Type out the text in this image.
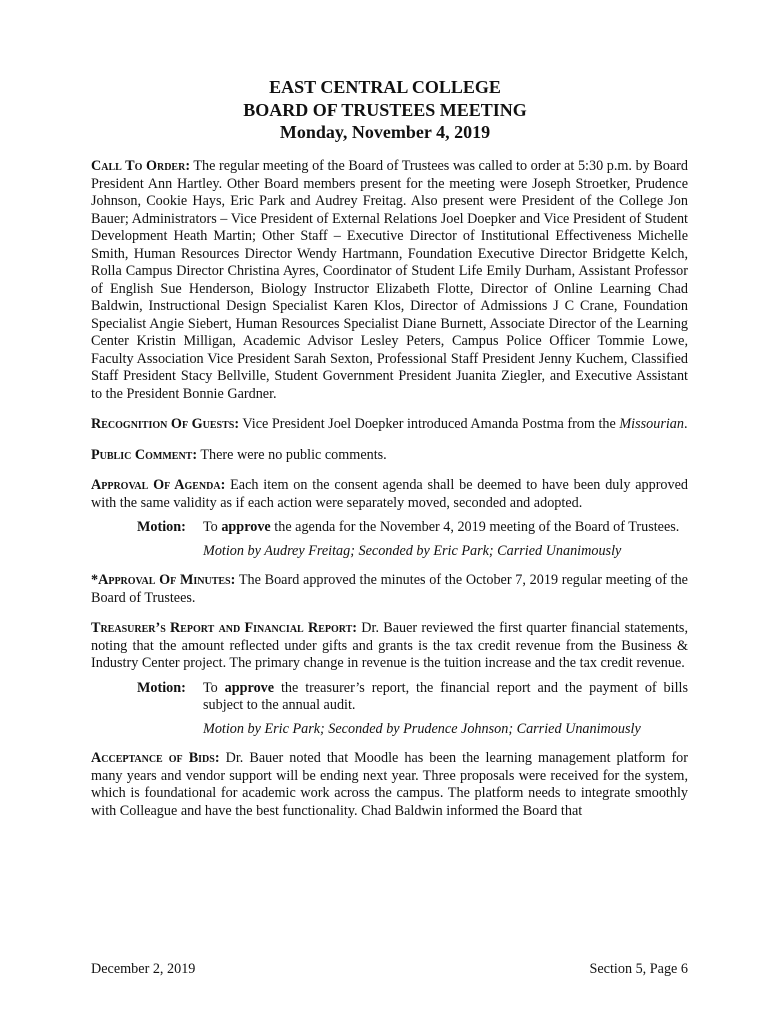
EAST CENTRAL COLLEGE
BOARD OF TRUSTEES MEETING
Monday, November 4, 2019

Call To Order: The regular meeting of the Board of Trustees was called to order at 5:30 p.m. by Board President Ann Hartley. Other Board members present for the meeting were Joseph Stroetker, Prudence Johnson, Cookie Hays, Eric Park and Audrey Freitag. Also present were President of the College Jon Bauer; Administrators – Vice President of External Relations Joel Doepker and Vice President of Student Development Heath Martin; Other Staff – Executive Director of Institutional Effectiveness Michelle Smith, Human Resources Director Wendy Hartmann, Foundation Executive Director Bridgette Kelch, Rolla Campus Director Christina Ayres, Coordinator of Student Life Emily Durham, Assistant Professor of English Sue Henderson, Biology Instructor Elizabeth Flotte, Director of Online Learning Chad Baldwin, Instructional Design Specialist Karen Klos, Director of Admissions J C Crane, Foundation Specialist Angie Siebert, Human Resources Specialist Diane Burnett, Associate Director of the Learning Center Kristin Milligan, Academic Advisor Lesley Peters, Campus Police Officer Tommie Lowe, Faculty Association Vice President Sarah Sexton, Professional Staff President Jenny Kuchem, Classified Staff President Stacy Bellville, Student Government President Juanita Ziegler, and Executive Assistant to the President Bonnie Gardner.

Recognition Of Guests: Vice President Joel Doepker introduced Amanda Postma from the Missourian.

Public Comment: There were no public comments.

Approval Of Agenda: Each item on the consent agenda shall be deemed to have been duly approved with the same validity as if each action were separately moved, seconded and adopted.

Motion: To approve the agenda for the November 4, 2019 meeting of the Board of Trustees.
Motion by Audrey Freitag; Seconded by Eric Park; Carried Unanimously

*Approval Of Minutes: The Board approved the minutes of the October 7, 2019 regular meeting of the Board of Trustees.

Treasurer’s Report and Financial Report: Dr. Bauer reviewed the first quarter financial statements, noting that the amount reflected under gifts and grants is the tax credit revenue from the Business & Industry Center project. The primary change in revenue is the tuition increase and the tax credit revenue.

Motion: To approve the treasurer’s report, the financial report and the payment of bills subject to the annual audit.
Motion by Eric Park; Seconded by Prudence Johnson; Carried Unanimously

Acceptance of Bids: Dr. Bauer noted that Moodle has been the learning management platform for many years and vendor support will be ending next year. Three proposals were received for the system, which is foundational for academic work across the campus. The platform needs to integrate smoothly with Colleague and have the best functionality. Chad Baldwin informed the Board that

December 2, 2019	Section 5, Page 6
